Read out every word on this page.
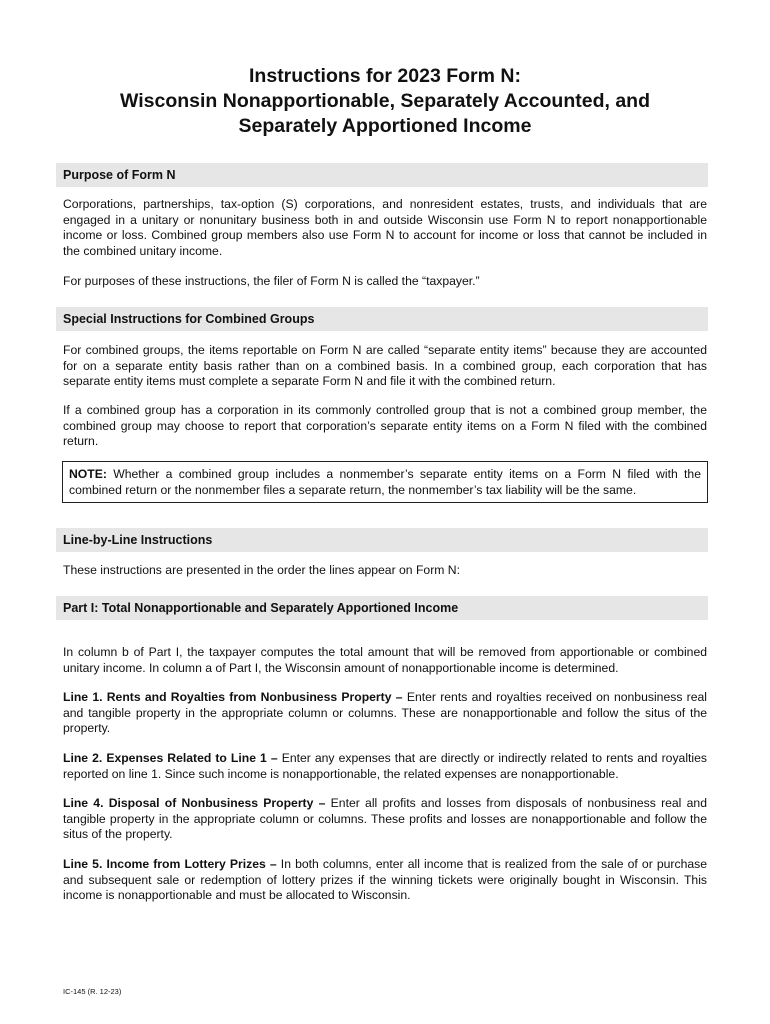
Instructions for 2023 Form N:
Wisconsin Nonapportionable, Separately Accounted, and
Separately Apportioned Income
Purpose of Form N
Corporations, partnerships, tax-option (S) corporations, and nonresident estates, trusts, and individuals that are engaged in a unitary or nonunitary business both in and outside Wisconsin use Form N to report nonapportionable income or loss. Combined group members also use Form N to account for income or loss that cannot be included in the combined unitary income.
For purposes of these instructions, the filer of Form N is called the “taxpayer.”
Special Instructions for Combined Groups
For combined groups, the items reportable on Form N are called “separate entity items” because they are accounted for on a separate entity basis rather than on a combined basis. In a combined group, each corporation that has separate entity items must complete a separate Form N and file it with the combined return.
If a combined group has a corporation in its commonly controlled group that is not a combined group member, the combined group may choose to report that corporation’s separate entity items on a Form N filed with the combined return.
NOTE: Whether a combined group includes a nonmember’s separate entity items on a Form N filed with the combined return or the nonmember files a separate return, the nonmember’s tax liability will be the same.
Line-by-Line Instructions
These instructions are presented in the order the lines appear on Form N:
Part I: Total Nonapportionable and Separately Apportioned Income
In column b of Part I, the taxpayer computes the total amount that will be removed from apportionable or combined unitary income. In column a of Part I, the Wisconsin amount of nonapportionable income is determined.
Line 1. Rents and Royalties from Nonbusiness Property – Enter rents and royalties received on nonbusiness real and tangible property in the appropriate column or columns. These are nonapportionable and follow the situs of the property.
Line 2. Expenses Related to Line 1 – Enter any expenses that are directly or indirectly related to rents and royalties reported on line 1. Since such income is nonapportionable, the related expenses are nonapportionable.
Line 4. Disposal of Nonbusiness Property – Enter all profits and losses from disposals of nonbusiness real and tangible property in the appropriate column or columns. These profits and losses are nonapportionable and follow the situs of the property.
Line 5. Income from Lottery Prizes – In both columns, enter all income that is realized from the sale of or purchase and subsequent sale or redemption of lottery prizes if the winning tickets were originally bought in Wisconsin. This income is nonapportionable and must be allocated to Wisconsin.
IC-145 (R. 12-23)
